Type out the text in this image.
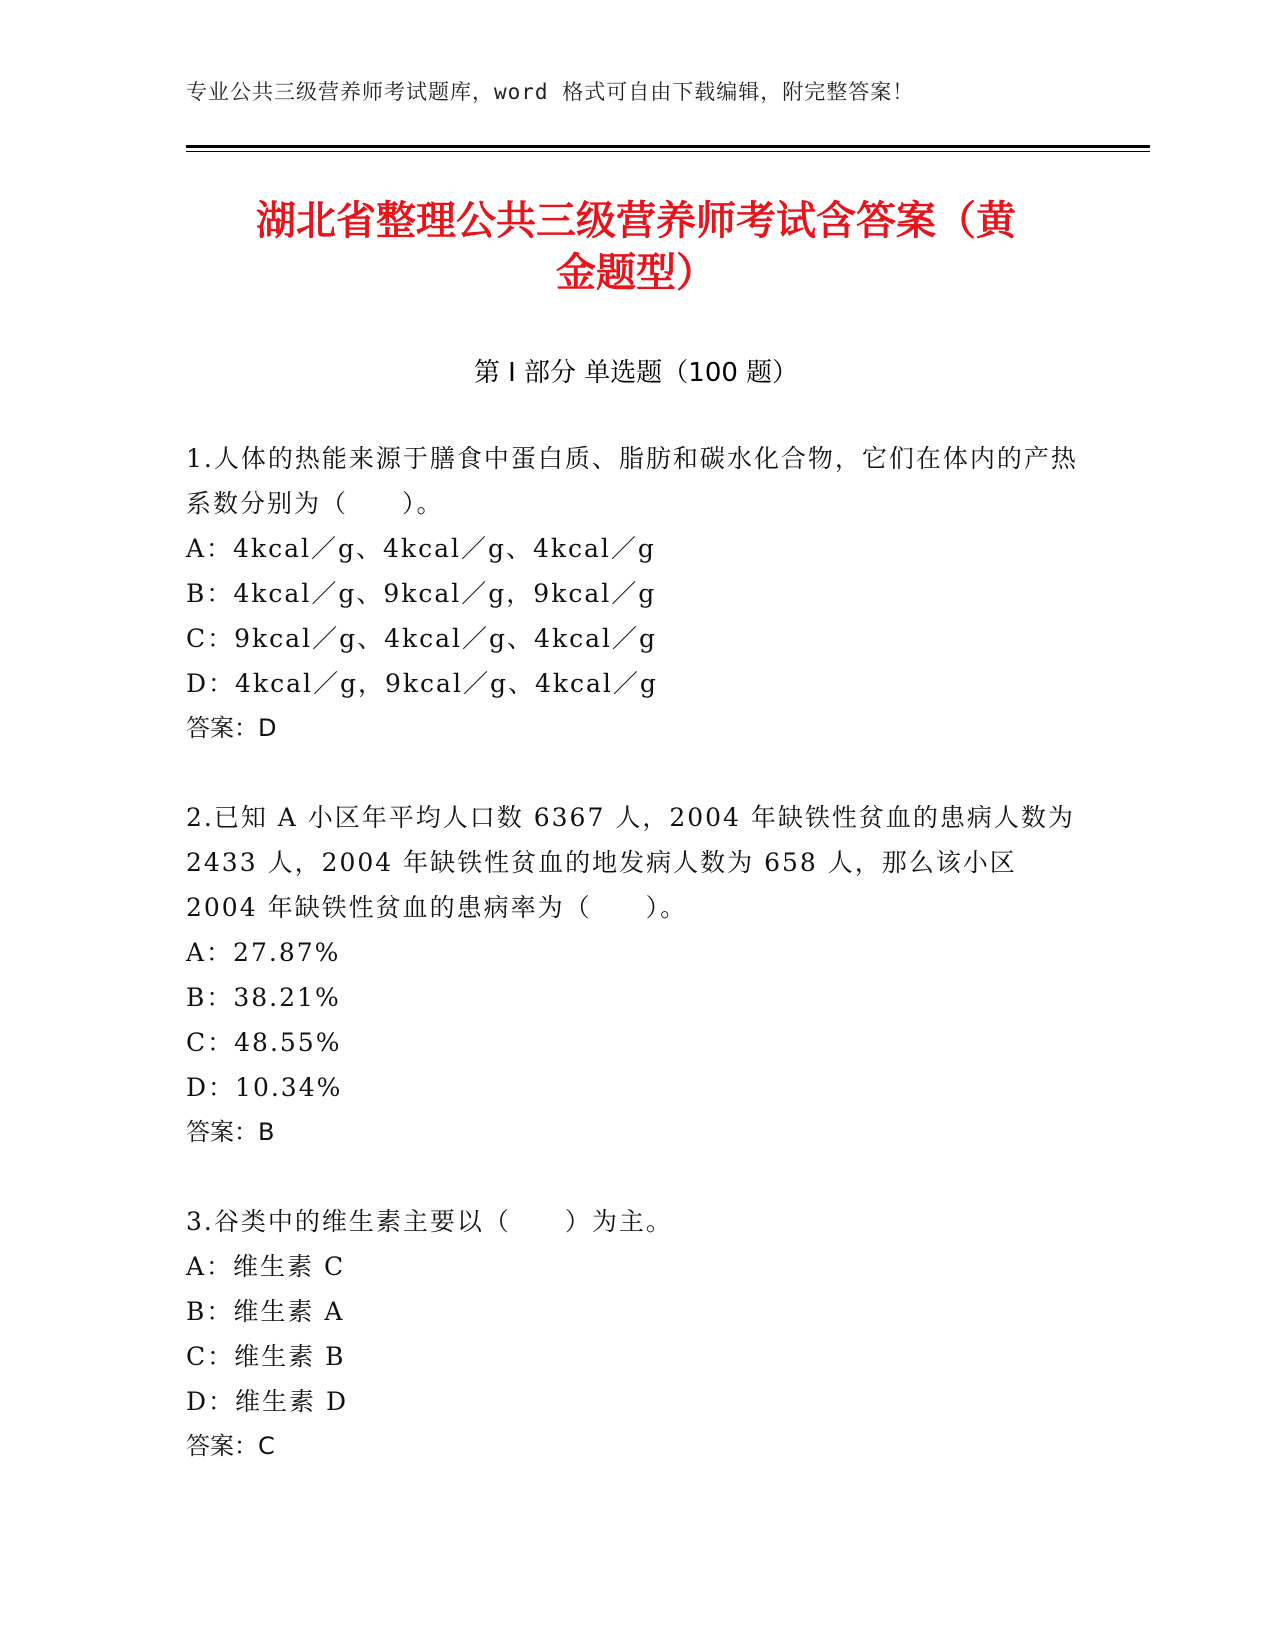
专业公共三级营养师考试题库，word 格式可自由下载编辑，附完整答案！
湖北省整理公共三级营养师考试含答案（黄
金题型）
第 I 部分 单选题（100 题）

1.人体的热能来源于膳食中蛋白质、脂肪和碳水化合物，它们在体内的产热系数分别为（　　）。

A：4kcal／g、4kcal／g、4kcal／g
B：4kcal／g、9kcal／g，9kcal／g
C：9kcal／g、4kcal／g、4kcal／g
D：4kcal／g，9kcal／g、4kcal／g
答案：D

2.已知 A 小区年平均人口数 6367 人，2004 年缺铁性贫血的患病人数为 2433 人，2004 年缺铁性贫血的地发病人数为 658 人，那么该小区 2004 年缺铁性贫血的患病率为（　　）。

A：27.87%
B：38.21%
C：48.55%
D：10.34%
答案：B

3.谷类中的维生素主要以（　　）为主。

A：维生素 C
B：维生素 A
C：维生素 B
D：维生素 D
答案：C
